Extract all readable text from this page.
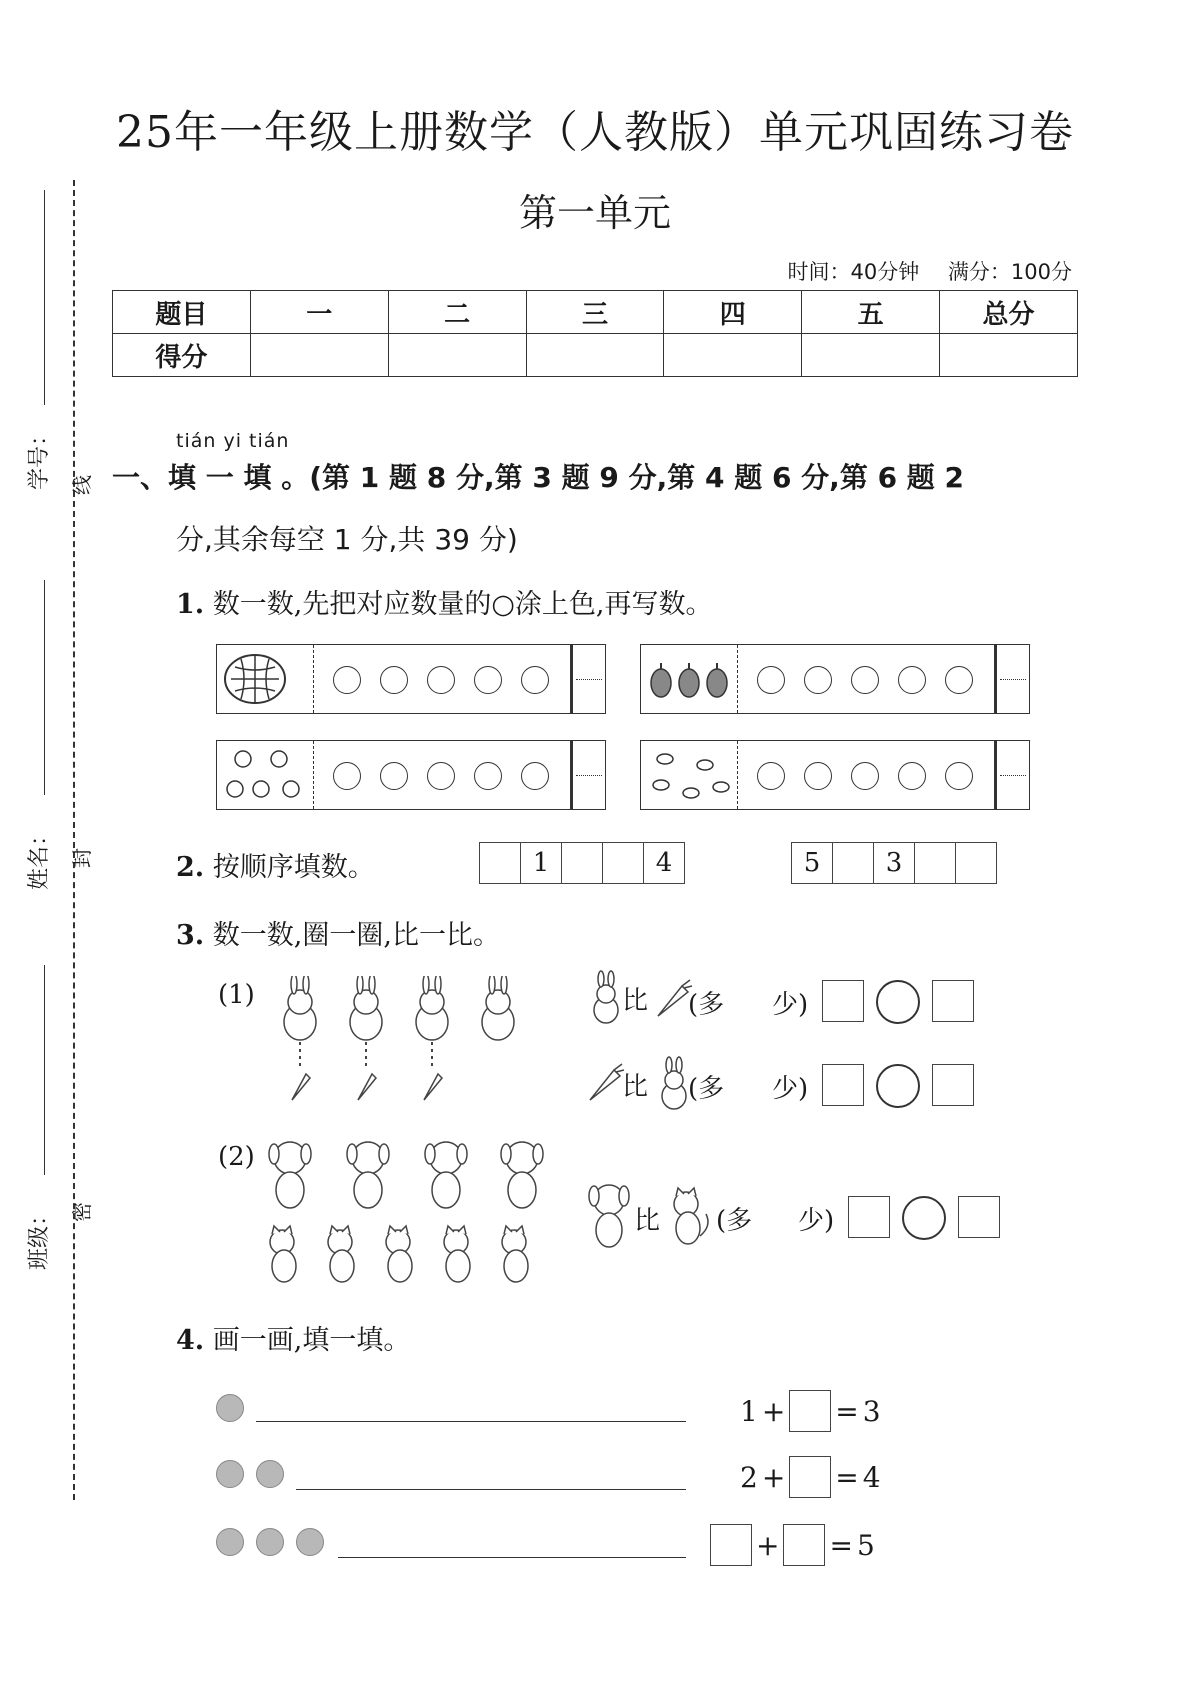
学号： 线
姓名： 封
班级： 密
25年一年级上册数学（人教版）单元巩固练习卷
第一单元
时间：40分钟 满分：100分
题目	一	二	三	四	五	总分
得分						
tián yi tián
一、填 一 填 。(第 1 题 8 分,第 3 题 9 分,第 4 题 6 分,第 6 题 2
分,其余每空 1 分,共 39 分)
1. 数一数,先把对应数量的○涂上色,再写数。
2. 按顺序填数。	1	4	5	3
3. 数一数,圈一圈,比一比。
(1)	比 (多 少)
比 (多 少)
(2)
比 (多 少)
4. 画一画,填一填。
1 + = 3
2 + = 4
+ = 5
